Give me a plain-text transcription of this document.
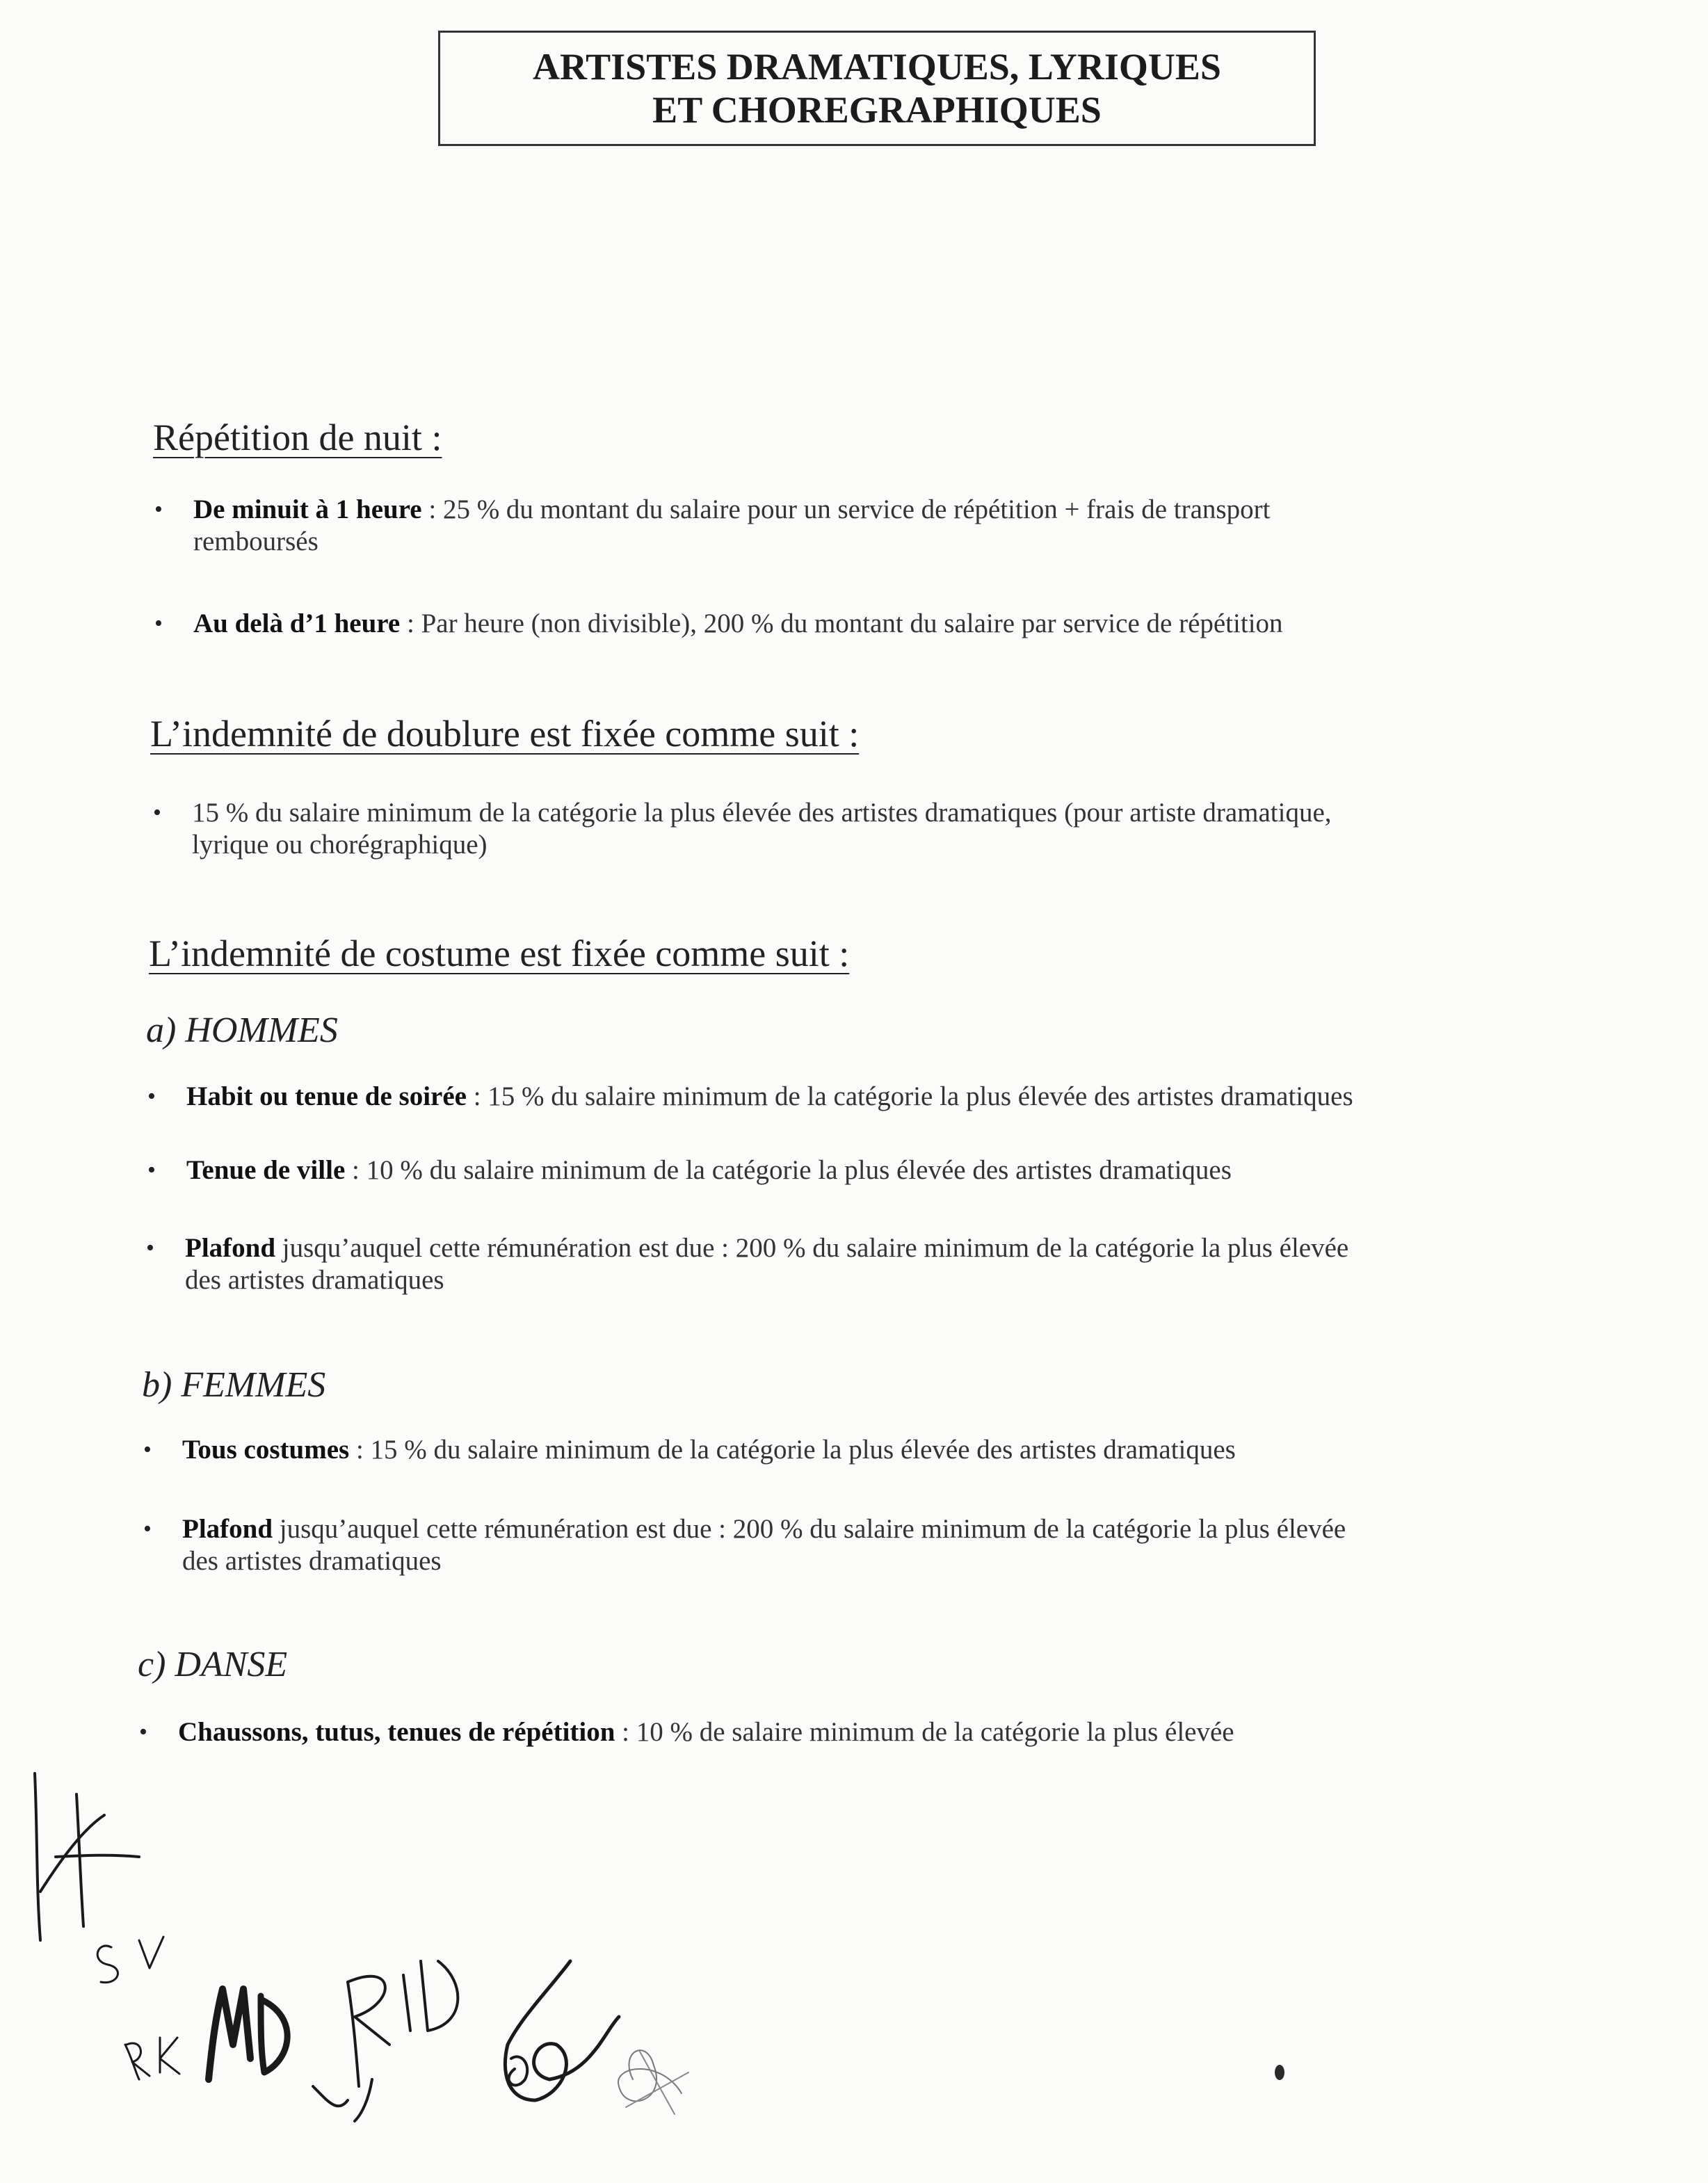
ARTISTES DRAMATIQUES, LYRIQUES
ET CHOREGRAPHIQUES
Répétition de nuit :
• De minuit à 1 heure : 25 % du montant du salaire pour un service de répétition + frais de transport
remboursés
• Au delà d’1 heure : Par heure (non divisible), 200 % du montant du salaire par service de répétition
L’indemnité de doublure est fixée comme suit :
• 15 % du salaire minimum de la catégorie la plus élevée des artistes dramatiques (pour artiste dramatique,
lyrique ou chorégraphique)
L’indemnité de costume est fixée comme suit :
a) HOMMES
• Habit ou tenue de soirée : 15 % du salaire minimum de la catégorie la plus élevée des artistes dramatiques
• Tenue de ville : 10 % du salaire minimum de la catégorie la plus élevée des artistes dramatiques
• Plafond jusqu’auquel cette rémunération est due : 200 % du salaire minimum de la catégorie la plus élevée
des artistes dramatiques
b) FEMMES
• Tous costumes : 15 % du salaire minimum de la catégorie la plus élevée des artistes dramatiques
• Plafond jusqu’auquel cette rémunération est due : 200 % du salaire minimum de la catégorie la plus élevée
des artistes dramatiques
c) DANSE
• Chaussons, tutus, tenues de répétition : 10 % de salaire minimum de la catégorie la plus élevée
